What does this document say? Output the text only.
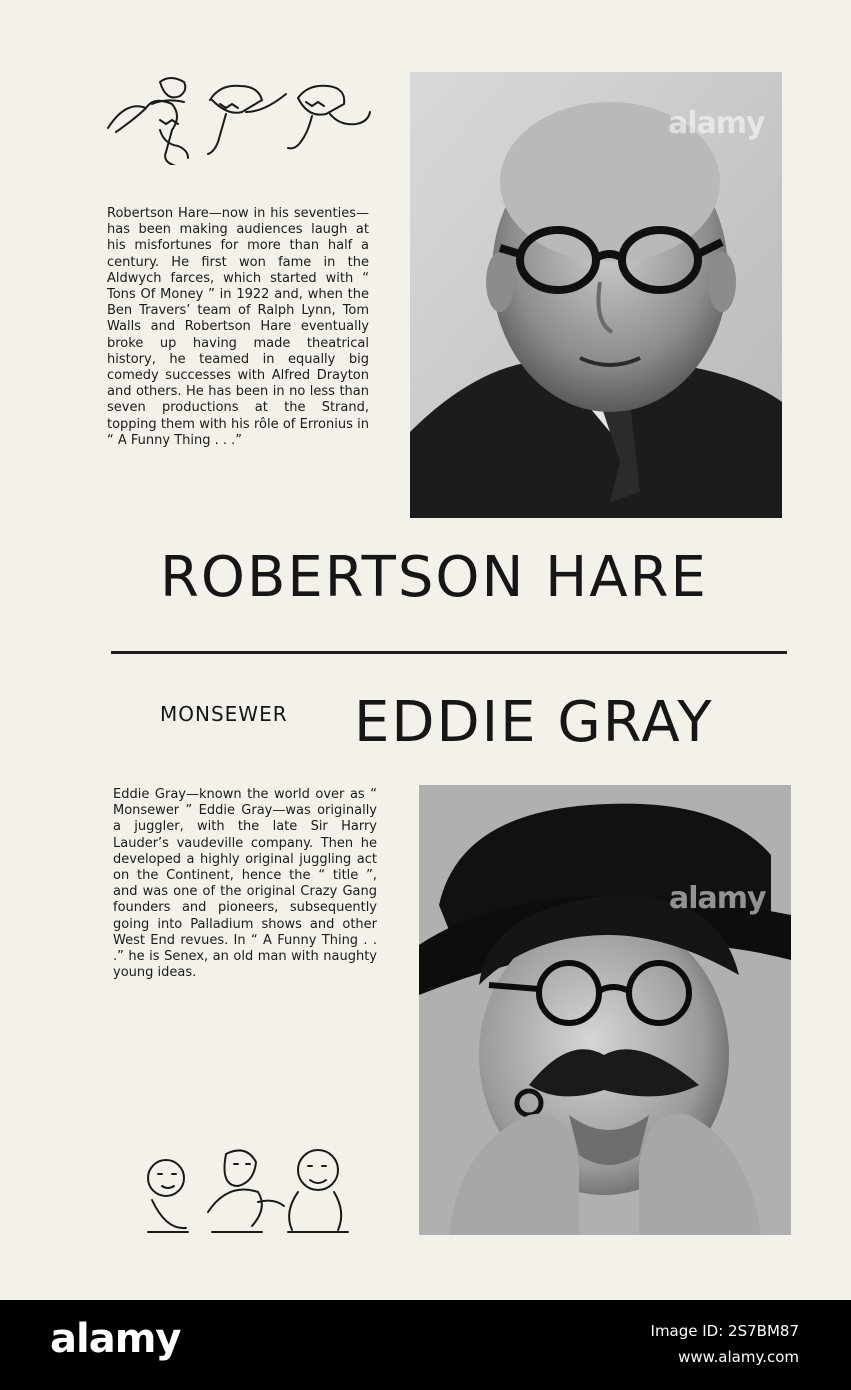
Robertson Hare—now in his seventies—has been making audiences laugh at his misfortunes for more than half a century. He first won fame in the Aldwych farces, which started with “ Tons Of Money ” in 1922 and, when the Ben Travers’ team of Ralph Lynn, Tom Walls and Robertson Hare eventually broke up having made theatrical history, he teamed in equally big comedy successes with Alfred Drayton and others. He has been in no less than seven productions at the Strand, topping them with his rôle of Erronius in “ A Funny Thing . . .”

alamy
ROBERTSON HARE
MONSEWER EDDIE GRAY

Eddie Gray—known the world over as “ Monsewer ” Eddie Gray—was originally a juggler, with the late Sir Harry Lauder’s vaudeville company. Then he developed a highly original juggling act on the Continent, hence the “ title ”, and was one of the original Crazy Gang founders and pioneers, subsequently going into Palladium shows and other West End revues. In “ A Funny Thing . . .” he is Senex, an old man with naughty young ideas.

alamy
alamy	Image ID: 2S7BM87
www.alamy.com
